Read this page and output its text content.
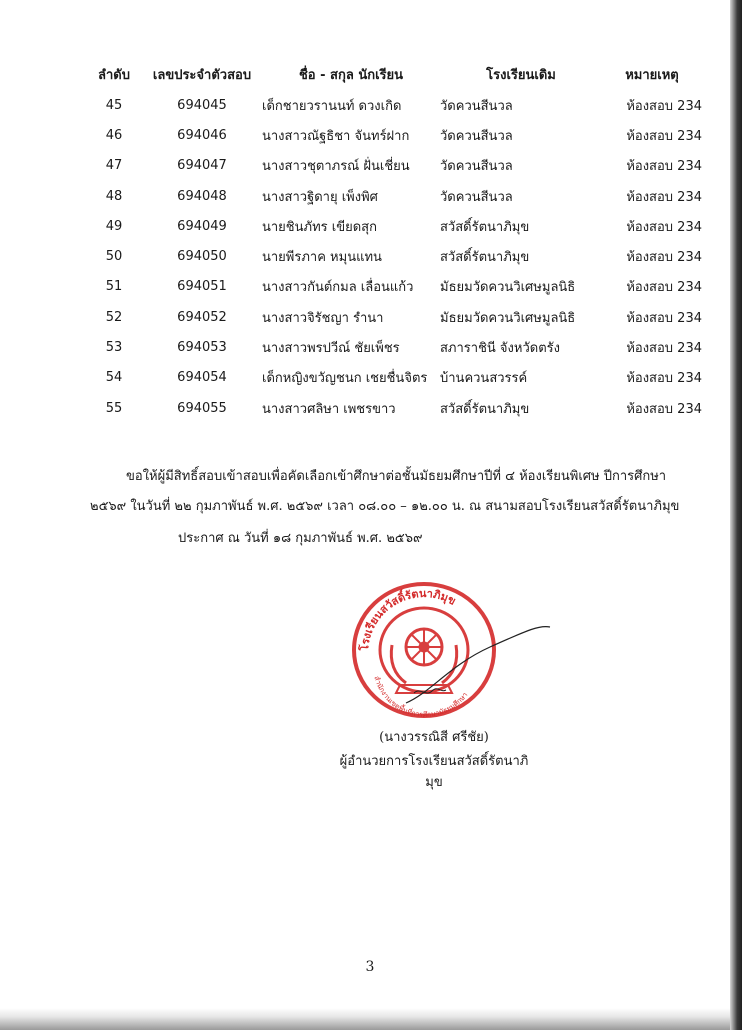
ลำดับ	เลขประจำตัวสอบ	ชื่อ - สกุล นักเรียน	โรงเรียนเดิม	หมายเหตุ
45	694045	เด็กชายวรานนท์ ดวงเกิด	วัดควนสีนวล	ห้องสอบ 234
46	694046	นางสาวณัฐธิชา จันทร์ฝาก	วัดควนสีนวล	ห้องสอบ 234
47	694047	นางสาวชุตาภรณ์ ฝั่นเชี่ยน	วัดควนสีนวล	ห้องสอบ 234
48	694048	นางสาวฐิดายุ เพ็งพิศ	วัดควนสีนวล	ห้องสอบ 234
49	694049	นายชินภัทร เขียดสุก	สวัสดิ์รัตนาภิมุข	ห้องสอบ 234
50	694050	นายพีรภาค หมุนแทน	สวัสดิ์รัตนาภิมุข	ห้องสอบ 234
51	694051	นางสาวกันต์กมล เลื่อนแก้ว	มัธยมวัดควนวิเศษมูลนิธิ	ห้องสอบ 234
52	694052	นางสาวจิรัชญา รำนา	มัธยมวัดควนวิเศษมูลนิธิ	ห้องสอบ 234
53	694053	นางสาวพรปวีณ์ ชัยเพ็ชร	สภาราชินี จังหวัดตรัง	ห้องสอบ 234
54	694054	เด็กหญิงขวัญชนก เชยชื่นจิตร	บ้านควนสวรรค์	ห้องสอบ 234
55	694055	นางสาวศลิษา เพชรขาว	สวัสดิ์รัตนาภิมุข	ห้องสอบ 234
ขอให้ผู้มีสิทธิ์สอบเข้าสอบเพื่อคัดเลือกเข้าศึกษาต่อชั้นมัธยมศึกษาปีที่ ๔ ห้องเรียนพิเศษ ปีการศึกษา
๒๕๖๙ ในวันที่ ๒๒ กุมภาพันธ์ พ.ศ. ๒๕๖๙ เวลา ๐๘.๐๐ – ๑๒.๐๐ น. ณ สนามสอบโรงเรียนสวัสดิ์รัตนาภิมุข
ประกาศ ณ วันที่ ๑๘ กุมภาพันธ์ พ.ศ. ๒๕๖๙
โรงเรียนสวัสดิ์รัตนาภิมุข
สำนักงานเขตพื้นที่การศึกษามัธยมศึกษา
(นางวรรณิสี ศรีชัย)
ผู้อำนวยการโรงเรียนสวัสดิ์รัตนาภิมุข
3
